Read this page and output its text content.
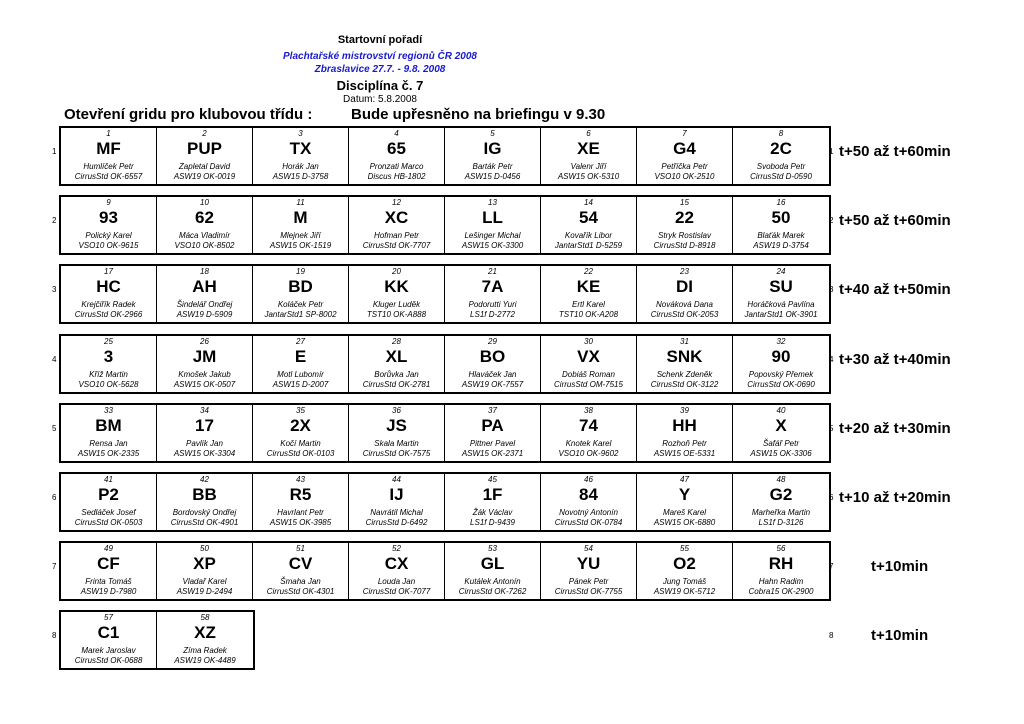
Startovní pořadí
Plachtařské mistrovství regionů ČR 2008
Zbraslavice 27.7. - 9.8. 2008
Disciplína č. 7
Datum: 5.8.2008
Otevření gridu pro klubovou třídu :	Bude upřesněno na briefingu v 9.30
1
MF
Humlíček Petr
CirrusStd OK-6557
2
PUP
Zapletal David
ASW19 OK-0019
3
TX
Horák Jan
ASW15 D-3758
4
65
Pronzati Marco
Discus HB-1802
5
IG
Barták Petr
ASW15 D-0456
6
XE
Valenr Jiří
ASW15 OK-5310
7
G4
Petříčka Petr
VSO10 OK-2510
8
2C
Svoboda Petr
CirrusStd D-0590
1	1 t+50 až t+60min
9
93
Polický Karel
VSO10 OK-9615
10
62
Máca Vladimír
VSO10 OK-8502
11
M
Mlejnek Jiří
ASW15 OK-1519
12
XC
Hofman Petr
CirrusStd OK-7707
13
LL
Lešinger Michal
ASW15 OK-3300
14
54
Kovařík Libor
JantarStd1 D-5259
15
22
Stryk Rostislav
CirrusStd D-8918
16
50
Blaťák Marek
ASW19 D-3754
2	2 t+50 až t+60min
17
HC
Krejčiřík Radek
CirrusStd OK-2966
18
AH
Šindelář Ondřej
ASW19 D-5909
19
BD
Koláček Petr
JantarStd1 SP-8002
20
KK
Kluger Luděk
TST10 OK-A888
21
7A
Podorutti Yuri
LS1f D-2772
22
KE
Ertl Karel
TST10 OK-A208
23
DI
Nováková Dana
CirrusStd OK-2053
24
SU
Horáčková Pavlína
JantarStd1 OK-3901
3	3 t+40 až t+50min
25
3
Kříž Martin
VSO10 OK-5628
26
JM
Kmošek Jakub
ASW15 OK-0507
27
E
Motl Lubomír
ASW15 D-2007
28
XL
Borůvka Jan
CirrusStd OK-2781
29
BO
Hlaváček Jan
ASW19 OK-7557
30
VX
Dobiáš Roman
CirrusStd OM-7515
31
SNK
Schenk Zdeněk
CirrusStd OK-3122
32
90
Popovský Přemek
CirrusStd OK-0690
4	4 t+30 až t+40min
33
BM
Rensa Jan
ASW15 OK-2335
34
17
Pavlík Jan
ASW15 OK-3304
35
2X
Kočí Martin
CirrusStd OK-0103
36
JS
Skala Martin
CirrusStd OK-7575
37
PA
Pittner Pavel
ASW15 OK-2371
38
74
Knotek Karel
VSO10 OK-9602
39
HH
Rozhoň Petr
ASW15 OE-5331
40
X
Šafář Petr
ASW15 OK-3306
5	5 t+20 až t+30min
41
P2
Sedláček Josef
CirrusStd OK-0503
42
BB
Bordovský Ondřej
CirrusStd OK-4901
43
R5
Havrlant Petr
ASW15 OK-3985
44
IJ
Navrátil Michal
CirrusStd D-6492
45
1F
Žák Václav
LS1f D-9439
46
84
Novotný Antonín
CirrusStd OK-0784
47
Y
Mareš Karel
ASW15 OK-6880
48
G2
Marheřka Martin
LS1f D-3126
6	6 t+10 až t+20min
49
CF
Frinta Tomáš
ASW19 D-7980
50
XP
Vladař Karel
ASW19 D-2494
51
CV
Šmaha Jan
CirrusStd OK-4301
52
CX
Louda Jan
CirrusStd OK-7077
53
GL
Kutálek Antonín
CirrusStd OK-7262
54
YU
Pánek Petr
CirrusStd OK-7755
55
O2
Jung Tomáš
ASW19 OK-5712
56
RH
Hahn Radim
Cobra15 OK-2900
7	7	t+10min
57
C1
Marek Jaroslav
CirrusStd OK-0688
58
XZ
Zíma Radek
ASW19 OK-4489
8	8	t+10min
